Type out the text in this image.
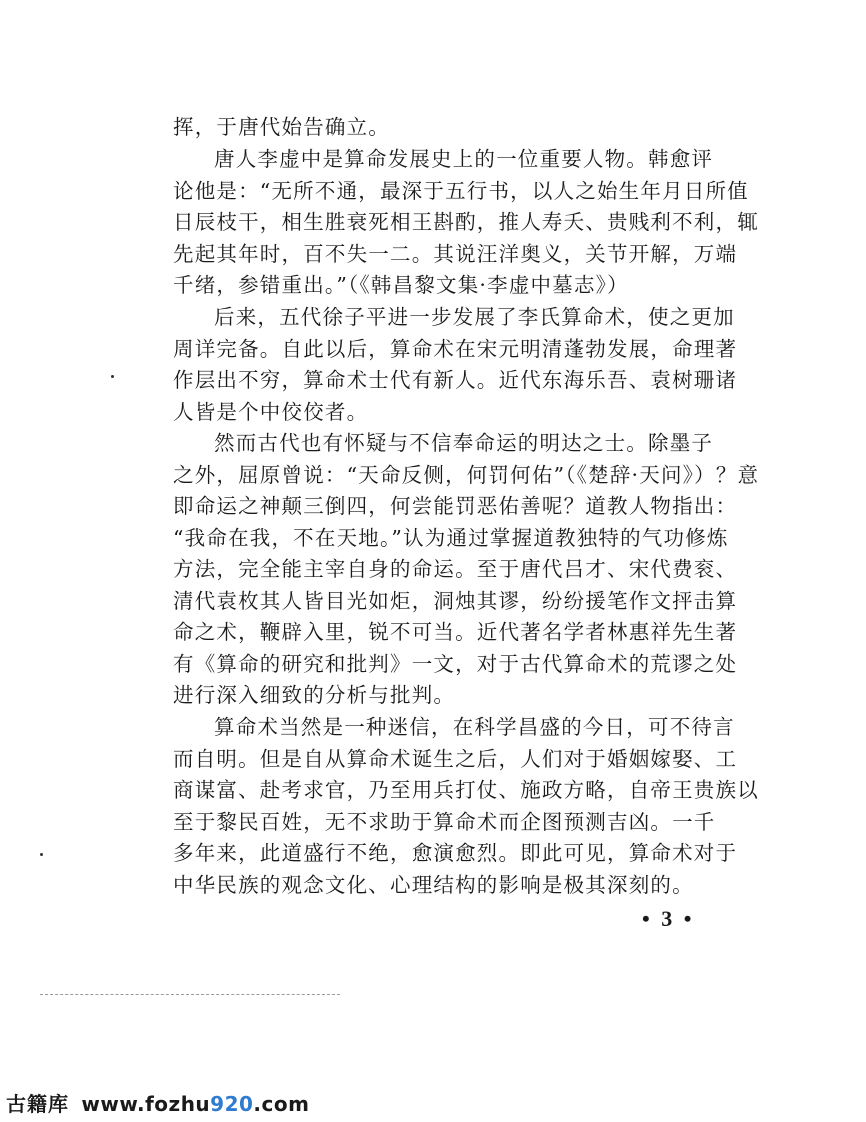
挥，于唐代始告确立。
唐人李虚中是算命发展史上的一位重要人物。韩愈评
论他是：“无所不通，最深于五行书，以人之始生年月日所值
日辰枝干，相生胜衰死相王斟酌，推人寿夭、贵贱利不利，辄
先起其年时，百不失一二。其说汪洋奥义，关节开解，万端
千绪，参错重出。”（《韩昌黎文集·李虚中墓志》）
后来，五代徐子平进一步发展了李氏算命术，使之更加
周详完备。自此以后，算命术在宋元明清蓬勃发展，命理著
作层出不穷，算命术士代有新人。近代东海乐吾、袁树珊诸
人皆是个中佼佼者。
然而古代也有怀疑与不信奉命运的明达之士。除墨子
之外，屈原曾说：“天命反侧，何罚何佑”（《楚辞·天问》）？意
即命运之神颠三倒四，何尝能罚恶佑善呢？道教人物指出：
“我命在我，不在天地。”认为通过掌握道教独特的气功修炼
方法，完全能主宰自身的命运。至于唐代吕才、宋代费衮、
清代袁枚其人皆目光如炬，洞烛其谬，纷纷援笔作文抨击算
命之术，鞭辟入里，锐不可当。近代著名学者林惠祥先生著
有《算命的研究和批判》一文，对于古代算命术的荒谬之处
进行深入细致的分析与批判。
算命术当然是一种迷信，在科学昌盛的今日，可不待言
而自明。但是自从算命术诞生之后，人们对于婚姻嫁娶、工
商谋富、赴考求官，乃至用兵打仗、施政方略，自帝王贵族以
至于黎民百姓，无不求助于算命术而企图预测吉凶。一千
多年来，此道盛行不绝，愈演愈烈。即此可见，算命术对于
中华民族的观念文化、心理结构的影响是极其深刻的。
• 3 •
古籍库 www.fozhu920.com
